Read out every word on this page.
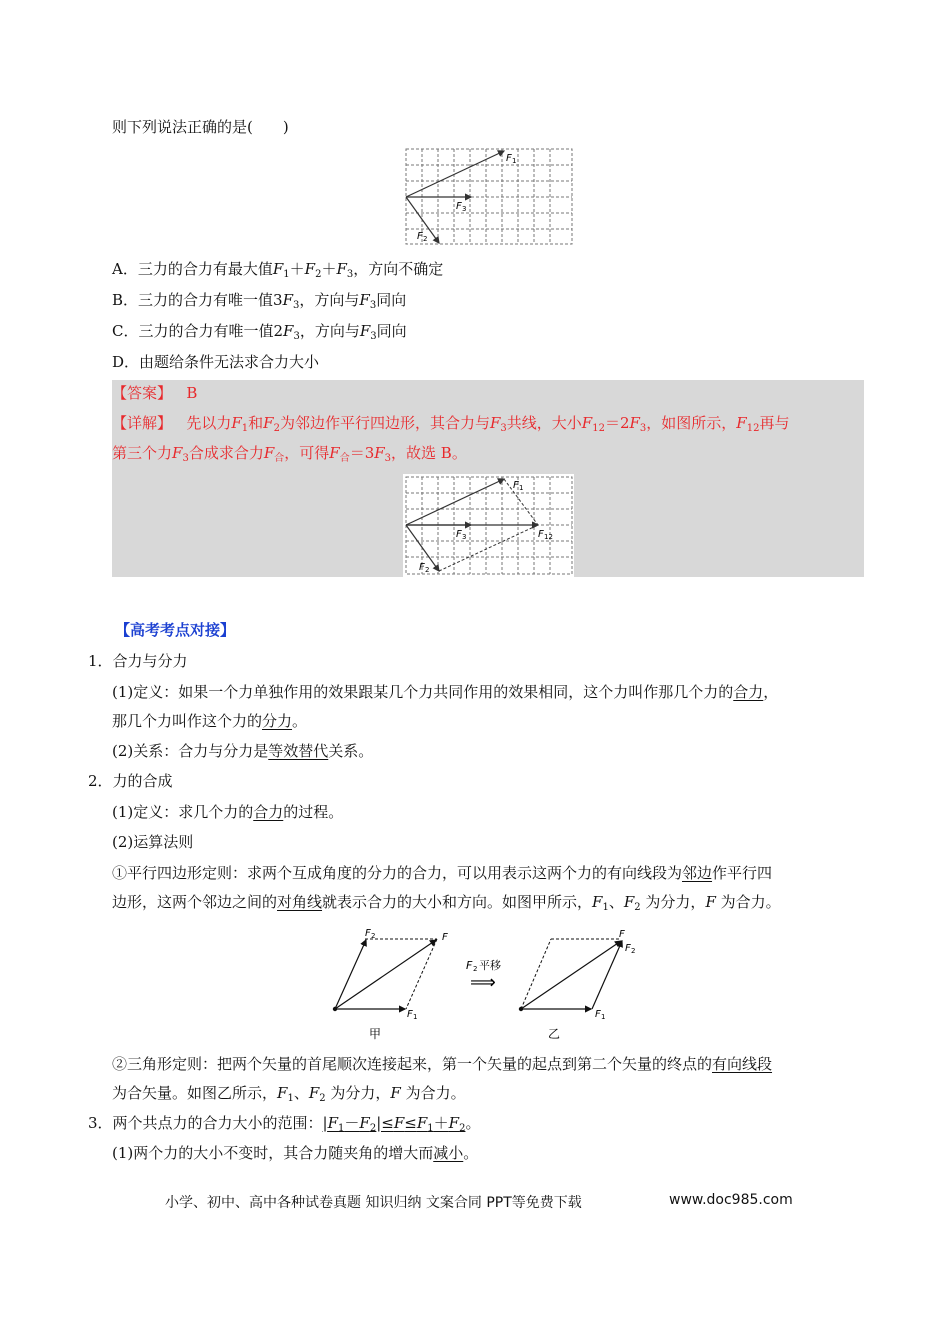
则下列说法正确的是(　　)
F 1
F 3
F 2
A．三力的合力有最大值$F_1+F_2+F_3$，方向不确定
B．三力的合力有唯一值$3F_3$，方向与$F_3$同向
C．三力的合力有唯一值$2F_3$，方向与$F_3$同向
D．由题给条件无法求合力大小
【答案】 B
【详解】 先以力$F_1$和$F_2$为邻边作平行四边形，其合力与$F_3$共线，大小$F_{12}=2F_3$，如图所示，$F_{12}$再与
第三个力$F_3$合成求合力$F_合$，可得$F_合=3F_3$，故选 B。
F 1
F 3	F 12
F 2
【高考考点对接】
1．合力与分力
(1)定义：如果一个力单独作用的效果跟某几个力共同作用的效果相同，这个力叫作那几个力的合力，
那几个力叫作这个力的分力。
(2)关系：合力与分力是等效替代关系。
2．力的合成
(1)定义：求几个力的合力的过程。
(2)运算法则
①平行四边形定则：求两个互成角度的分力的合力，可以用表示这两个力的有向线段为邻边作平行四
边形，这两个邻边之间的对角线就表示合力的大小和方向。如图甲所示，$F_1$、$F_2$ 为分力，F 为合力。
F 2	F
F 1
甲
F 2 平移
⟹
F
F 2
F 1
乙
②三角形定则：把两个矢量的首尾顺次连接起来，第一个矢量的起点到第二个矢量的终点的有向线段
为合矢量。如图乙所示，$F_1$、$F_2$ 为分力，F 为合力。
3．两个共点力的合力大小的范围：$|F_1-F_2|\le F\le F_1+F_2$。
(1)两个力的大小不变时，其合力随夹角的增大而减小。
小学、初中、高中各种试卷真题 知识归纳 文案合同 PPT等免费下载	www.doc985.com
